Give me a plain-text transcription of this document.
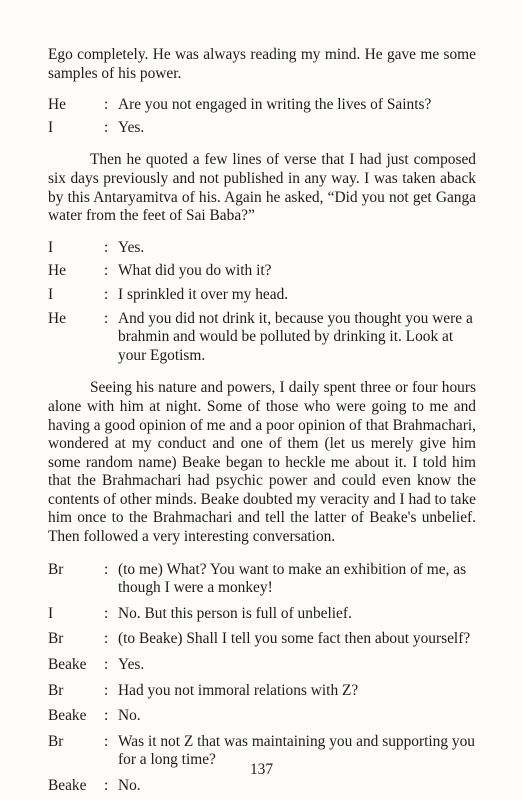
Ego completely. He was always reading my mind. He gave me some samples of his power.

He	: Are you not engaged in writing the lives of Saints?
I	: Yes.

Then he quoted a few lines of verse that I had just composed six days previously and not published in any way. I was taken aback by this Antaryamitva of his. Again he asked, “Did you not get Ganga water from the feet of Sai Baba?”

I	: Yes.
He	: What did you do with it?
I	: I sprinkled it over my head.
He	: And you did not drink it, because you thought you were a brahmin and would be polluted by drinking it. Look at your Egotism.

Seeing his nature and powers, I daily spent three or four hours alone with him at night. Some of those who were going to me and having a good opinion of me and a poor opinion of that Brahmachari, wondered at my conduct and one of them (let us merely give him some random name) Beake began to heckle me about it. I told him that the Brahmachari had psychic power and could even know the contents of other minds. Beake doubted my veracity and I had to take him once to the Brahmachari and tell the latter of Beake's unbelief. Then followed a very interesting conversation.

Br	: (to me) What? You want to make an exhibition of me, as though I were a monkey!
I	: No. But this person is full of unbelief.
Br	: (to Beake) Shall I tell you some fact then about yourself?
Beake	: Yes.
Br	: Had you not immoral relations with Z?
Beake	: No.
Br	: Was it not Z that was maintaining you and supporting you for a long time?
Beake	: No.
137
